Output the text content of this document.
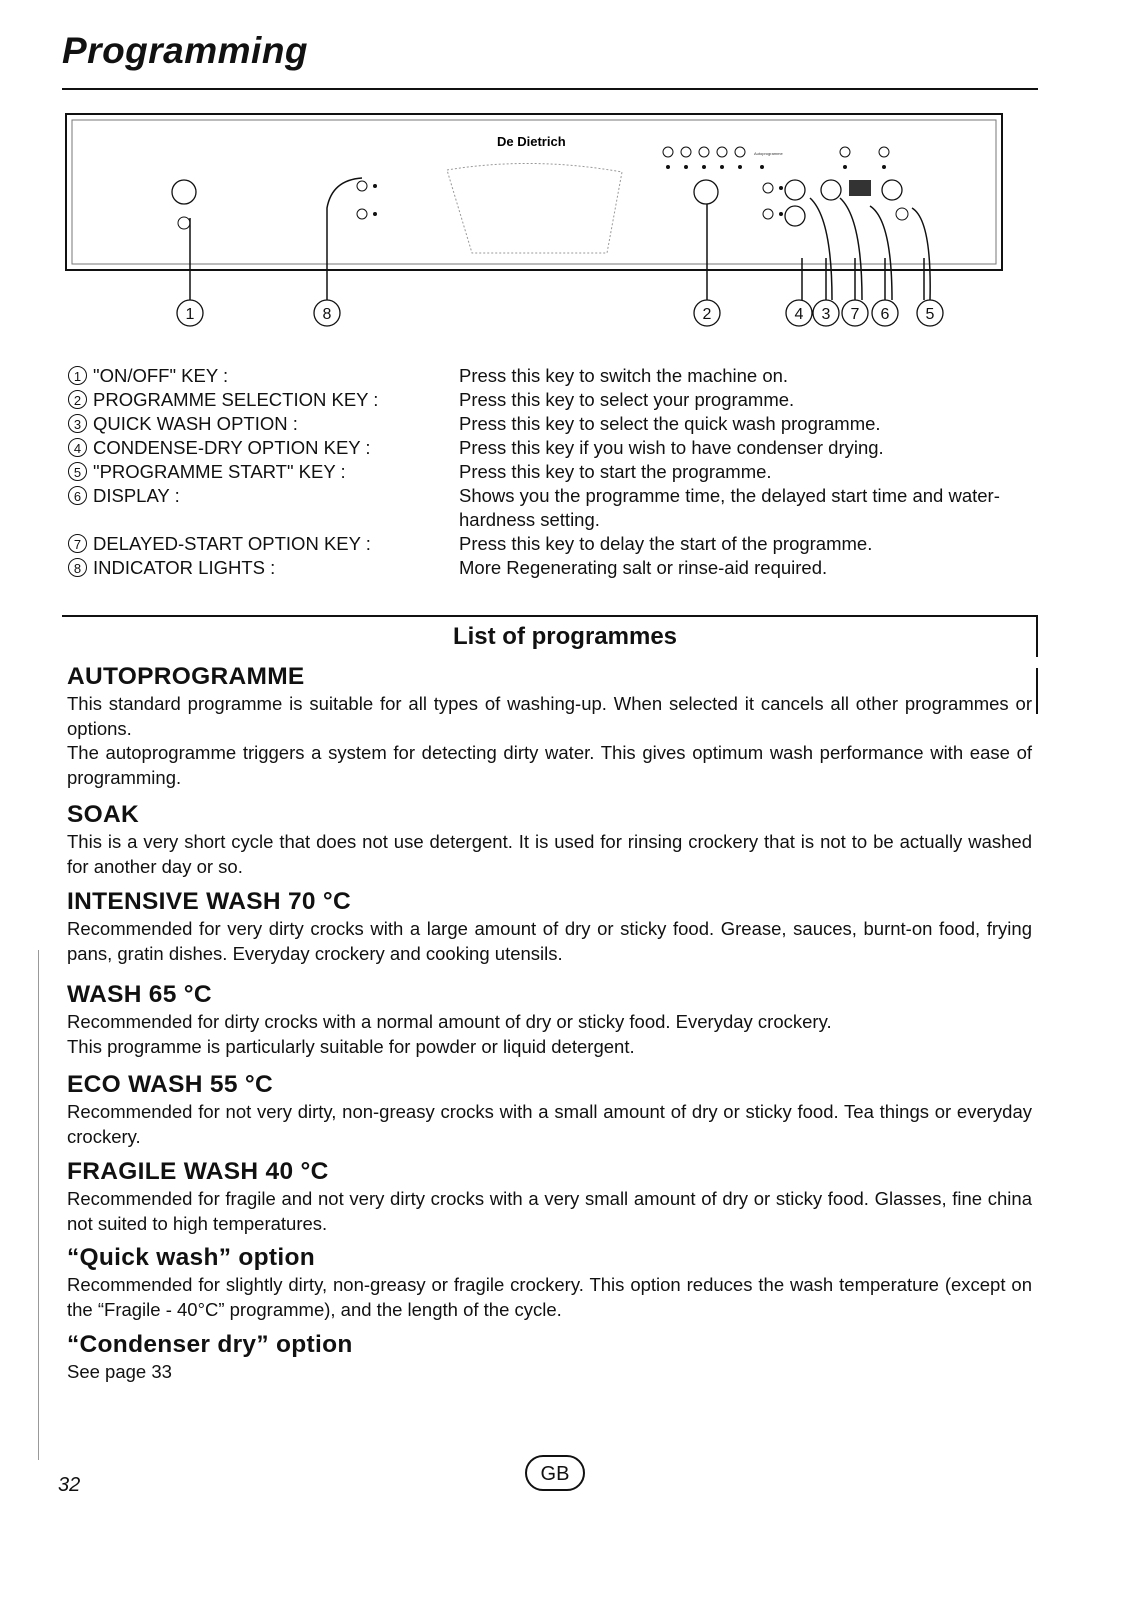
Programming
De Dietrich
Autoprogramme
1	8	2	4 3 7 6 5
1 "ON/OFF" KEY :	Press this key to switch the machine on.
2 PROGRAMME SELECTION KEY :	Press this key to select your programme.
3 QUICK WASH OPTION :	Press this key to select the quick wash programme.
4 CONDENSE-DRY OPTION KEY :	Press this key if you wish to have condenser drying.
5 "PROGRAMME START" KEY :	Press this key to start the programme.
6 DISPLAY :	Shows you the programme time, the delayed start time and water-hardness setting.
7 DELAYED-START OPTION KEY :	Press this key to delay the start of the programme.
8 INDICATOR LIGHTS :	More Regenerating salt or rinse-aid required.
List of programmes
AUTOPROGRAMME

This standard programme is suitable for all types of washing-up. When selected it cancels all other programmes or options.

The autoprogramme triggers a system for detecting dirty water. This gives optimum wash performance with ease of programming.

SOAK

This is a very short cycle that does not use detergent. It is used for rinsing crockery that is not to be actually washed for another day or so.

INTENSIVE WASH 70 °C

Recommended for very dirty crocks with a large amount of dry or sticky food. Grease, sauces, burnt-on food, frying pans, gratin dishes. Everyday crockery and cooking utensils.

WASH 65 °C

Recommended for dirty crocks with a normal amount of dry or sticky food. Everyday crockery.

This programme is particularly suitable for powder or liquid detergent.

ECO WASH 55 °C

Recommended for not very dirty, non-greasy crocks with a small amount of dry or sticky food. Tea things or everyday crockery.

FRAGILE WASH 40 °C

Recommended for fragile and not very dirty crocks with a very small amount of dry or sticky food. Glasses, fine china not suited to high temperatures.

“Quick wash” option

Recommended for slightly dirty, non-greasy or fragile crockery. This option reduces the wash temperature (except on the “Fragile - 40°C” programme), and the length of the cycle.

“Condenser dry” option

See page 33

32	GB
